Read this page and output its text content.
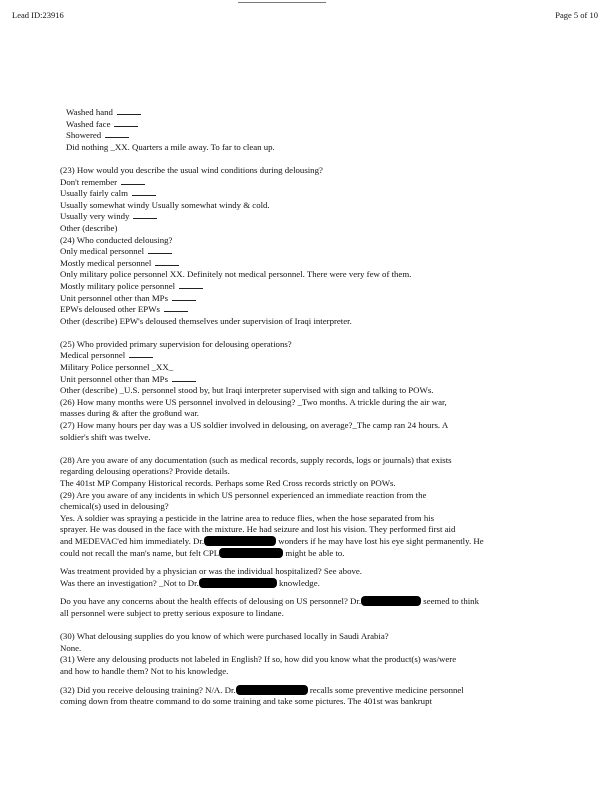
Lead ID:23916	Page 5 of 10
Washed hand
Washed face
Showered
Did nothing _XX. Quarters a mile away. To far to clean up.
(23) How would you describe the usual wind conditions during delousing?
Don't remember
Usually fairly calm
Usually somewhat windy Usually somewhat windy & cold.
Usually very windy
Other (describe)
(24) Who conducted delousing?
Only medical personnel
Mostly medical personnel
Only military police personnel XX. Definitely not medical personnel. There were very few of them.
Mostly military police personnel
Unit personnel other than MPs
EPWs deloused other EPWs
Other (describe) EPW's deloused themselves under supervision of Iraqi interpreter.
(25) Who provided primary supervision for delousing operations?
Medical personnel
Military Police personnel _XX_
Unit personnel other than MPs
Other (describe) _U.S. personnel stood by, but Iraqi interpreter supervised with sign and talking to POWs.
(26) How many months were US personnel involved in delousing? _Two months. A trickle during the air war,
masses during & after the gro8und war.
(27) How many hours per day was a US soldier involved in delousing, on average?_The camp ran 24 hours. A
soldier's shift was twelve.
(28) Are you aware of any documentation (such as medical records, supply records, logs or journals) that exists
regarding delousing operations? Provide details.
The 401st MP Company Historical records. Perhaps some Red Cross records strictly on POWs.
(29) Are you aware of any incidents in which US personnel experienced an immediate reaction from the
chemical(s) used in delousing?
Yes. A soldier was spraying a pesticide in the latrine area to reduce flies, when the hose separated from his
sprayer. He was doused in the face with the mixture. He had seizure and lost his vision. They performed first aid
and MEDEVAC'ed him immediately. Dr.	wonders if he may have lost his eye sight permanently. He
could not recall the man's name, but felt CPL	might be able to.
Was treatment provided by a physician or was the individual hospitalized? See above.
Was there an investigation? _Not to Dr.	knowledge.
Do you have any concerns about the health effects of delousing on US personnel? Dr.	seemed to think
all personnel were subject to pretty serious exposure to lindane.
(30) What delousing supplies do you know of which were purchased locally in Saudi Arabia?
None.
(31) Were any delousing products not labeled in English? If so, how did you know what the product(s) was/were
and how to handle them? Not to his knowledge.
(32) Did you receive delousing training? N/A. Dr.	recalls some preventive medicine personnel
coming down from theatre command to do some training and take some pictures. The 401st was bankrupt
